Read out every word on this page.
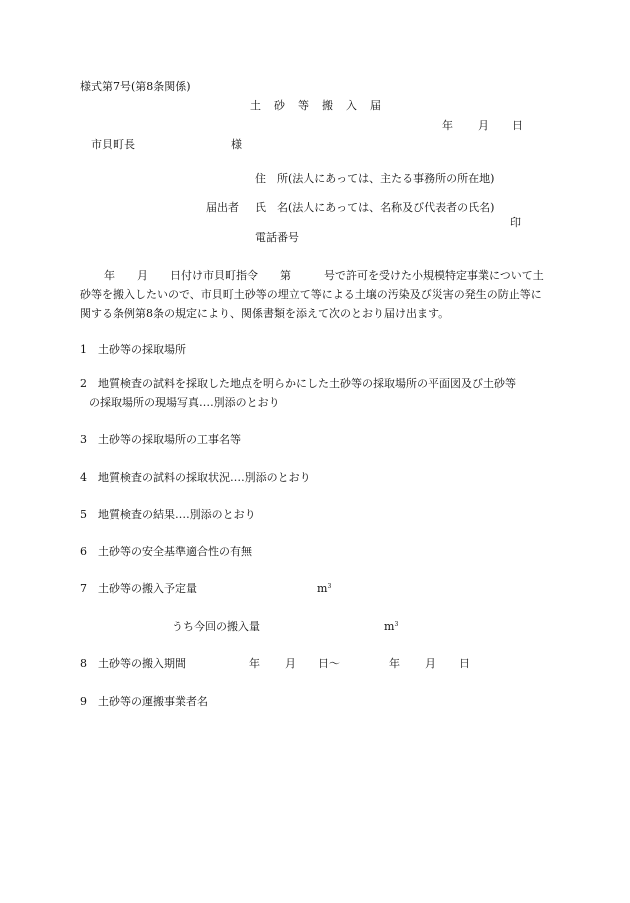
様式第7号(第8条関係)
土 砂 等 搬 入 届
年 月 日
市貝町長	様
住　所(法人にあっては、主たる事務所の所在地)
届出者 氏　名(法人にあっては、名称及び代表者の氏名)
印
電話番号
年　　月　　日付け市貝町指令　　第　　　号で許可を受けた小規模特定事業について土砂等を搬入したいので、市貝町土砂等の埋立て等による土壌の汚染及び災害の発生の防止等に関する条例第8条の規定により、関係書類を添えて次のとおり届け出ます。
1　 土砂等の採取場所
2　 地質検査の試料を採取した地点を明らかにした土砂等の採取場所の平面図及び土砂等
の採取場所の現場写真‥‥別添のとおり
3　 土砂等の採取場所の工事名等
4　 地質検査の試料の採取状況‥‥別添のとおり
5　 地質検査の結果‥‥別添のとおり
6　 土砂等の安全基準適合性の有無
7　 土砂等の搬入予定量	$m^3$
うち今回の搬入量	$m^3$
8　 土砂等の搬入期間	年 月 日～	年 月 日
9　 土砂等の運搬事業者名
